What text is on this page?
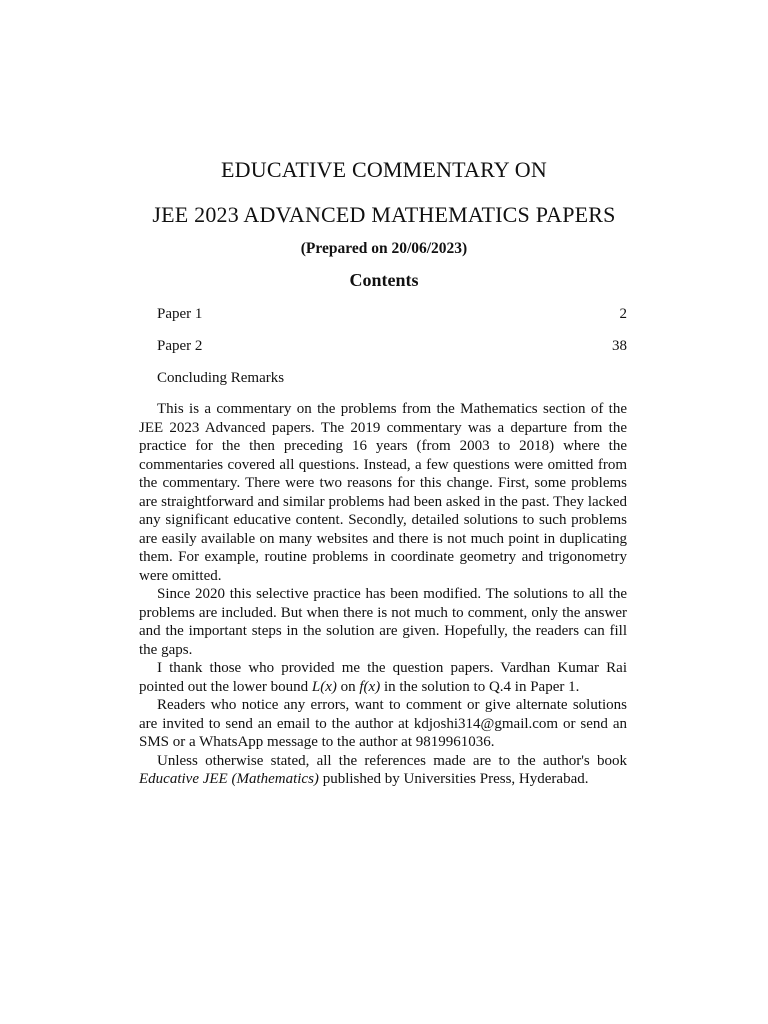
EDUCATIVE COMMENTARY ON
JEE 2023 ADVANCED MATHEMATICS PAPERS
(Prepared on 20/06/2023)
Contents
Paper 1	2
Paper 2	38
Concluding Remarks

This is a commentary on the problems from the Mathematics section of the JEE 2023 Advanced papers. The 2019 commentary was a departure from the practice for the then preceding 16 years (from 2003 to 2018) where the commentaries covered all questions. Instead, a few questions were omitted from the commentary. There were two reasons for this change. First, some problems are straightforward and similar problems had been asked in the past. They lacked any significant educative content. Secondly, detailed solutions to such problems are easily available on many websites and there is not much point in duplicating them. For example, routine problems in coordinate geometry and trigonometry were omitted.

Since 2020 this selective practice has been modified. The solutions to all the problems are included. But when there is not much to comment, only the answer and the important steps in the solution are given. Hopefully, the readers can fill the gaps.

I thank those who provided me the question papers. Vardhan Kumar Rai pointed out the lower bound L(x) on f(x) in the solution to Q.4 in Paper 1.

Readers who notice any errors, want to comment or give alternate solutions are invited to send an email to the author at kdjoshi314@gmail.com or send an SMS or a WhatsApp message to the author at 9819961036.

Unless otherwise stated, all the references made are to the author's book Educative JEE (Mathematics) published by Universities Press, Hyderabad.
